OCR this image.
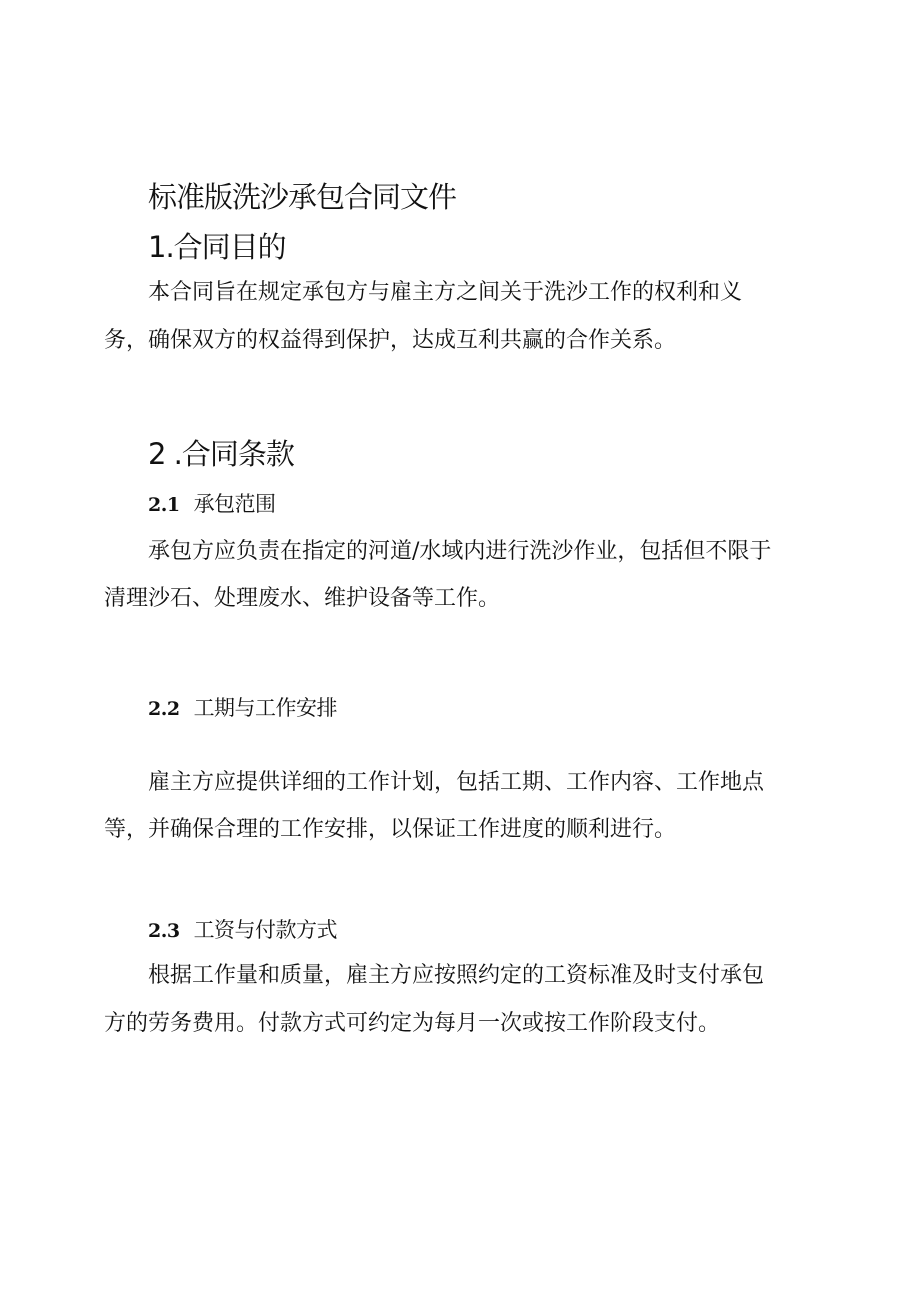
标准版洗沙承包合同文件
1.合同目的

本合同旨在规定承包方与雇主方之间关于洗沙工作的权利和义

务，确保双方的权益得到保护，达成互利共赢的合作关系。

2 .合同条款
2.1 承包范围

承包方应负责在指定的河道/水域内进行洗沙作业，包括但不限于

清理沙石、处理废水、维护设备等工作。

2.2 工期与工作安排

雇主方应提供详细的工作计划，包括工期、工作内容、工作地点

等，并确保合理的工作安排，以保证工作进度的顺利进行。

2.3 工资与付款方式

根据工作量和质量，雇主方应按照约定的工资标准及时支付承包

方的劳务费用。付款方式可约定为每月一次或按工作阶段支付。
